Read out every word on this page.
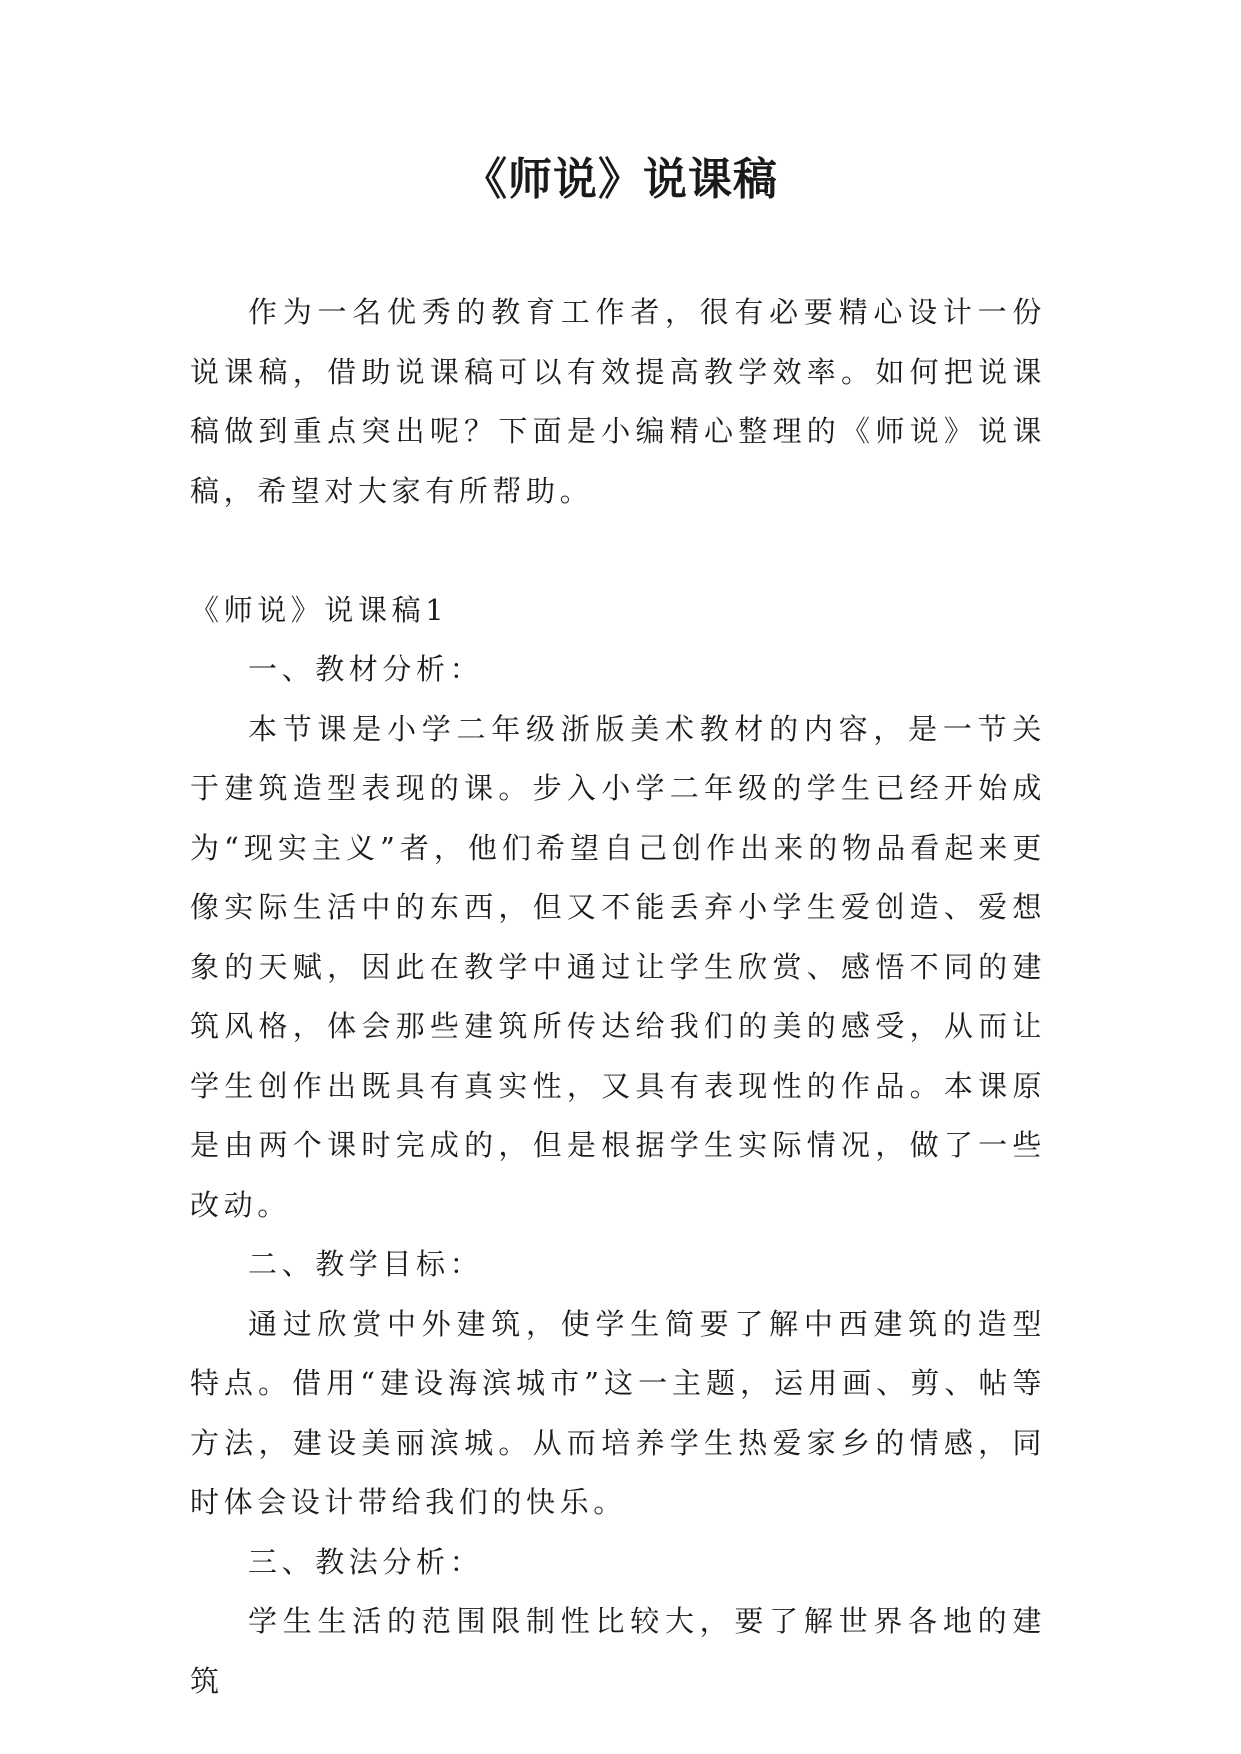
《师说》说课稿

作为一名优秀的教育工作者，很有必要精心设计一份说课稿，借助说课稿可以有效提高教学效率。如何把说课稿做到重点突出呢？下面是小编精心整理的《师说》说课稿，希望对大家有所帮助。

《师说》说课稿1

一、教材分析：

本节课是小学二年级浙版美术教材的内容，是一节关于建筑造型表现的课。步入小学二年级的学生已经开始成为“现实主义”者，他们希望自己创作出来的物品看起来更像实际生活中的东西，但又不能丢弃小学生爱创造、爱想象的天赋，因此在教学中通过让学生欣赏、感悟不同的建筑风格，体会那些建筑所传达给我们的美的感受，从而让学生创作出既具有真实性，又具有表现性的作品。本课原是由两个课时完成的，但是根据学生实际情况，做了一些改动。

二、教学目标：

通过欣赏中外建筑，使学生简要了解中西建筑的造型特点。借用“建设海滨城市”这一主题，运用画、剪、帖等方法，建设美丽滨城。从而培养学生热爱家乡的情感，同时体会设计带给我们的快乐。

三、教法分析：

学生生活的范围限制性比较大，要了解世界各地的建筑
